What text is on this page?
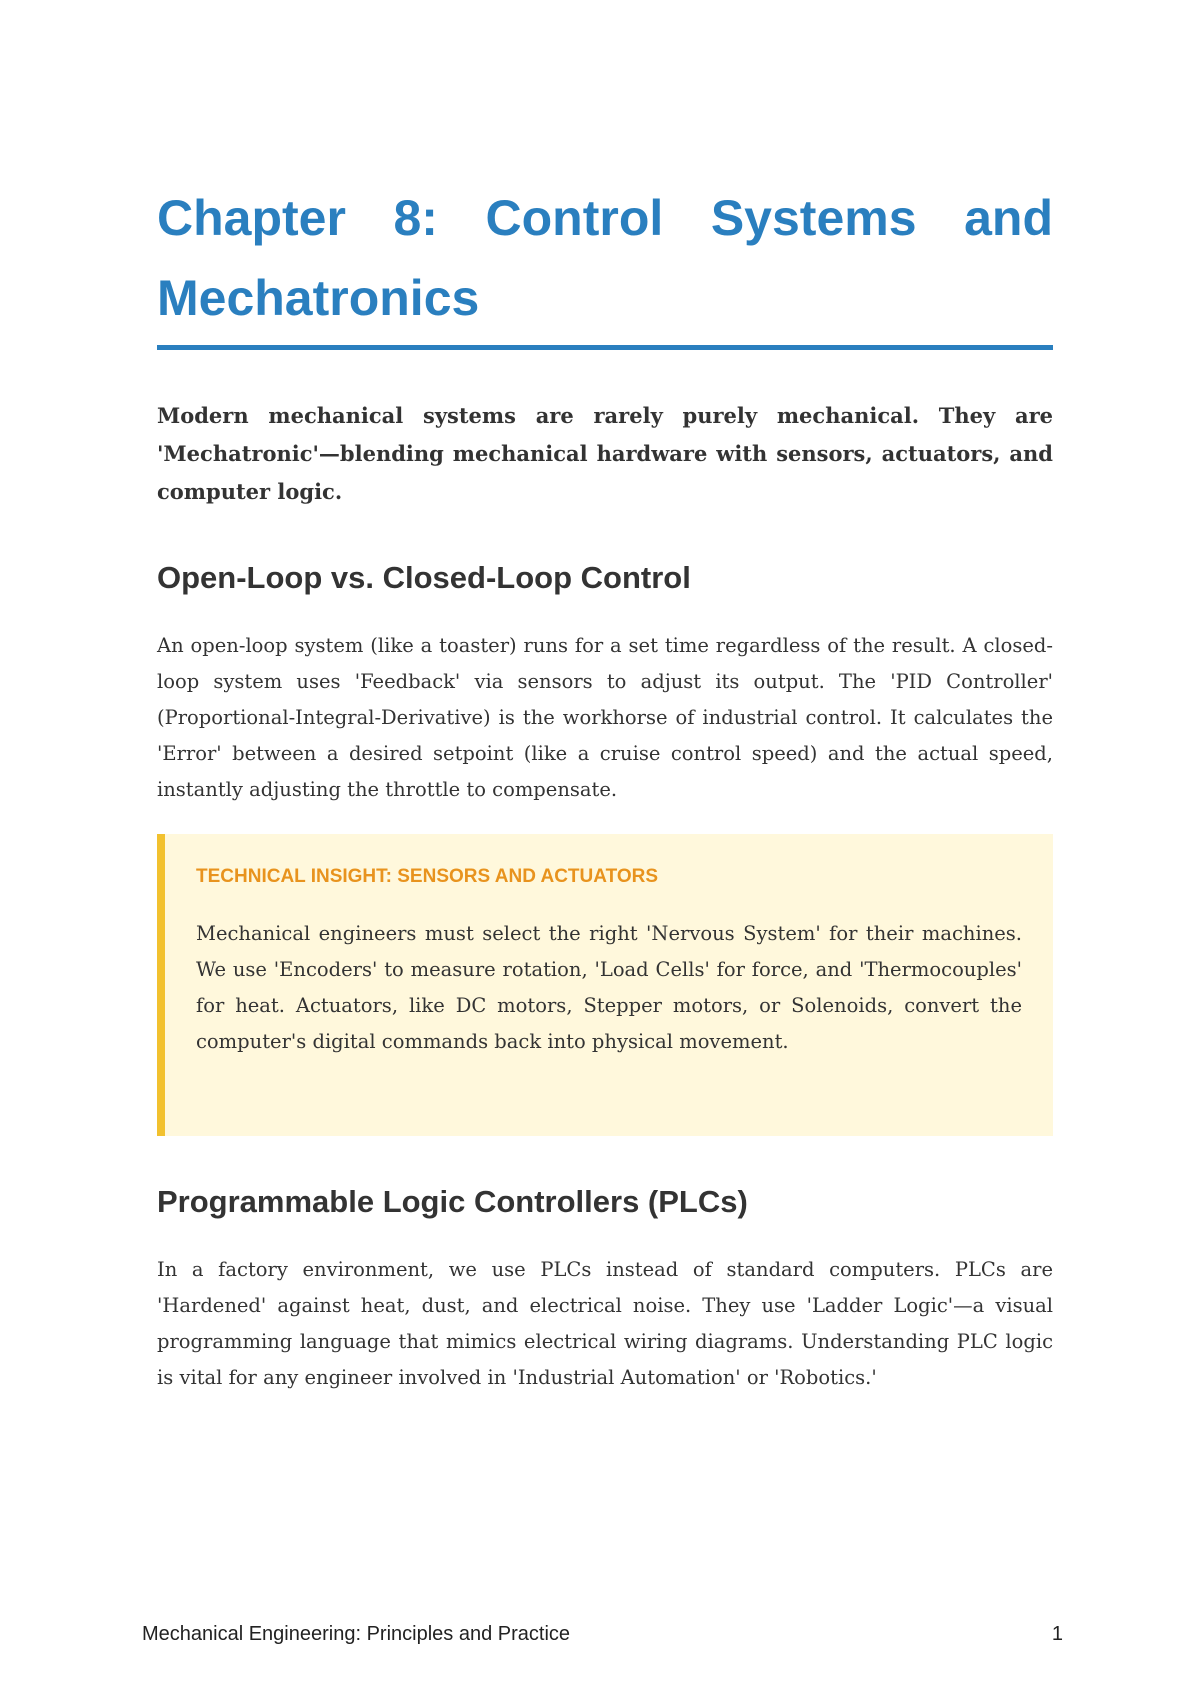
Chapter 8: Control Systems and Mechatronics

Modern mechanical systems are rarely purely mechanical. They are 'Mechatronic'—blending mechanical hardware with sensors, actuators, and computer logic.

Open-Loop vs. Closed-Loop Control

An open-loop system (like a toaster) runs for a set time regardless of the result. A closed-loop system uses 'Feedback' via sensors to adjust its output. The 'PID Controller' (Proportional-Integral-Derivative) is the workhorse of industrial control. It calculates the 'Error' between a desired setpoint (like a cruise control speed) and the actual speed, instantly adjusting the throttle to compensate.

TECHNICAL INSIGHT: SENSORS AND ACTUATORS

Mechanical engineers must select the right 'Nervous System' for their machines. We use 'Encoders' to measure rotation, 'Load Cells' for force, and 'Thermocouples' for heat. Actuators, like DC motors, Stepper motors, or Solenoids, convert the computer's digital commands back into physical movement.

Programmable Logic Controllers (PLCs)

In a factory environment, we use PLCs instead of standard computers. PLCs are 'Hardened' against heat, dust, and electrical noise. They use 'Ladder Logic'—a visual programming language that mimics electrical wiring diagrams. Understanding PLC logic is vital for any engineer involved in 'Industrial Automation' or 'Robotics.'

Mechanical Engineering: Principles and Practice	1
